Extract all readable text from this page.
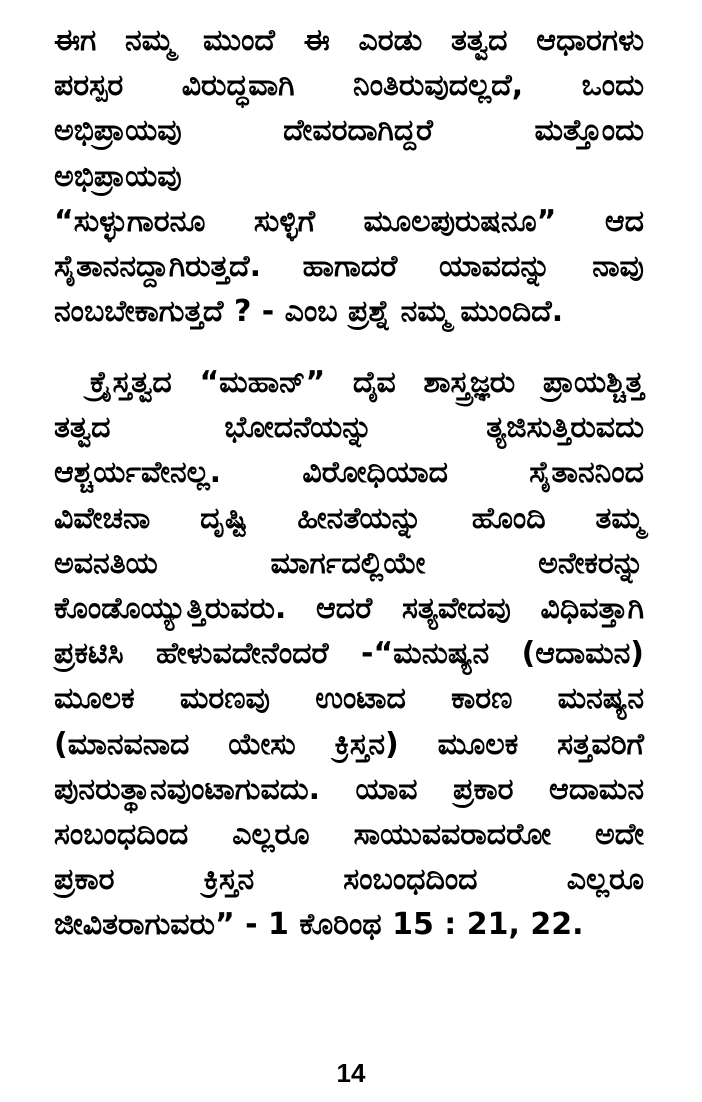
ಈಗ ನಮ್ಮ ಮುಂದೆ ಈ ಎರಡು ತತ್ವದ ಆಧಾರಗಳು
ಪರಸ್ಪರ ವಿರುದ್ಧವಾಗಿ ನಿಂತಿರುವುದಲ್ಲದೆ, ಒಂದು
ಅಭಿಪ್ರಾಯವು ದೇವರದಾಗಿದ್ದರೆ ಮತ್ತೊಂದು
ಅಭಿಪ್ರಾಯವು
“ಸುಳ್ಳುಗಾರನೂ ಸುಳ್ಳಿಗೆ ಮೂಲಪುರುಷನೂ” ಆದ
ಸೈತಾನನದ್ದಾಗಿರುತ್ತದೆ. ಹಾಗಾದರೆ ಯಾವದನ್ನು ನಾವು
ನಂಬಬೇಕಾಗುತ್ತದೆ ? - ಎಂಬ ಪ್ರಶ್ನೆ ನಮ್ಮ ಮುಂದಿದೆ.
ಕ್ರೈಸ್ತತ್ವದ “ಮಹಾನ್” ದೈವ ಶಾಸ್ತ್ರಜ್ಞರು ಪ್ರಾಯಶ್ಚಿತ್ತ
ತತ್ವದ ಭೋದನೆಯನ್ನು ತ್ಯಜಿಸುತ್ತಿರುವದು
ಆಶ್ಚರ್ಯವೇನಲ್ಲ. ವಿರೋಧಿಯಾದ ಸೈತಾನನಿಂದ
ವಿವೇಚನಾ ದೃಷ್ಟಿ ಹೀನತೆಯನ್ನು ಹೊಂದಿ ತಮ್ಮ
ಅವನತಿಯ ಮಾರ್ಗದಲ್ಲಿಯೇ ಅನೇಕರನ್ನು
ಕೊಂಡೊಯ್ಯುತ್ತಿರುವರು. ಆದರೆ ಸತ್ಯವೇದವು ವಿಧಿವತ್ತಾಗಿ
ಪ್ರಕಟಿಸಿ ಹೇಳುವದೇನೆಂದರೆ -“ಮನುಷ್ಯನ (ಆದಾಮನ)
ಮೂಲಕ ಮರಣವು ಉಂಟಾದ ಕಾರಣ ಮನಷ್ಯನ
(ಮಾನವನಾದ ಯೇಸು ಕ್ರಿಸ್ತನ) ಮೂಲಕ ಸತ್ತವರಿಗೆ
ಪುನರುತ್ಥಾನವುಂಟಾಗುವದು. ಯಾವ ಪ್ರಕಾರ ಆದಾಮನ
ಸಂಬಂಧದಿಂದ ಎಲ್ಲರೂ ಸಾಯುವವರಾದರೋ ಅದೇ
ಪ್ರಕಾರ ಕ್ರಿಸ್ತನ ಸಂಬಂಧದಿಂದ ಎಲ್ಲರೂ
ಜೀವಿತರಾಗುವರು” - 1 ಕೊರಿಂಥ 15 : 21, 22.
14
